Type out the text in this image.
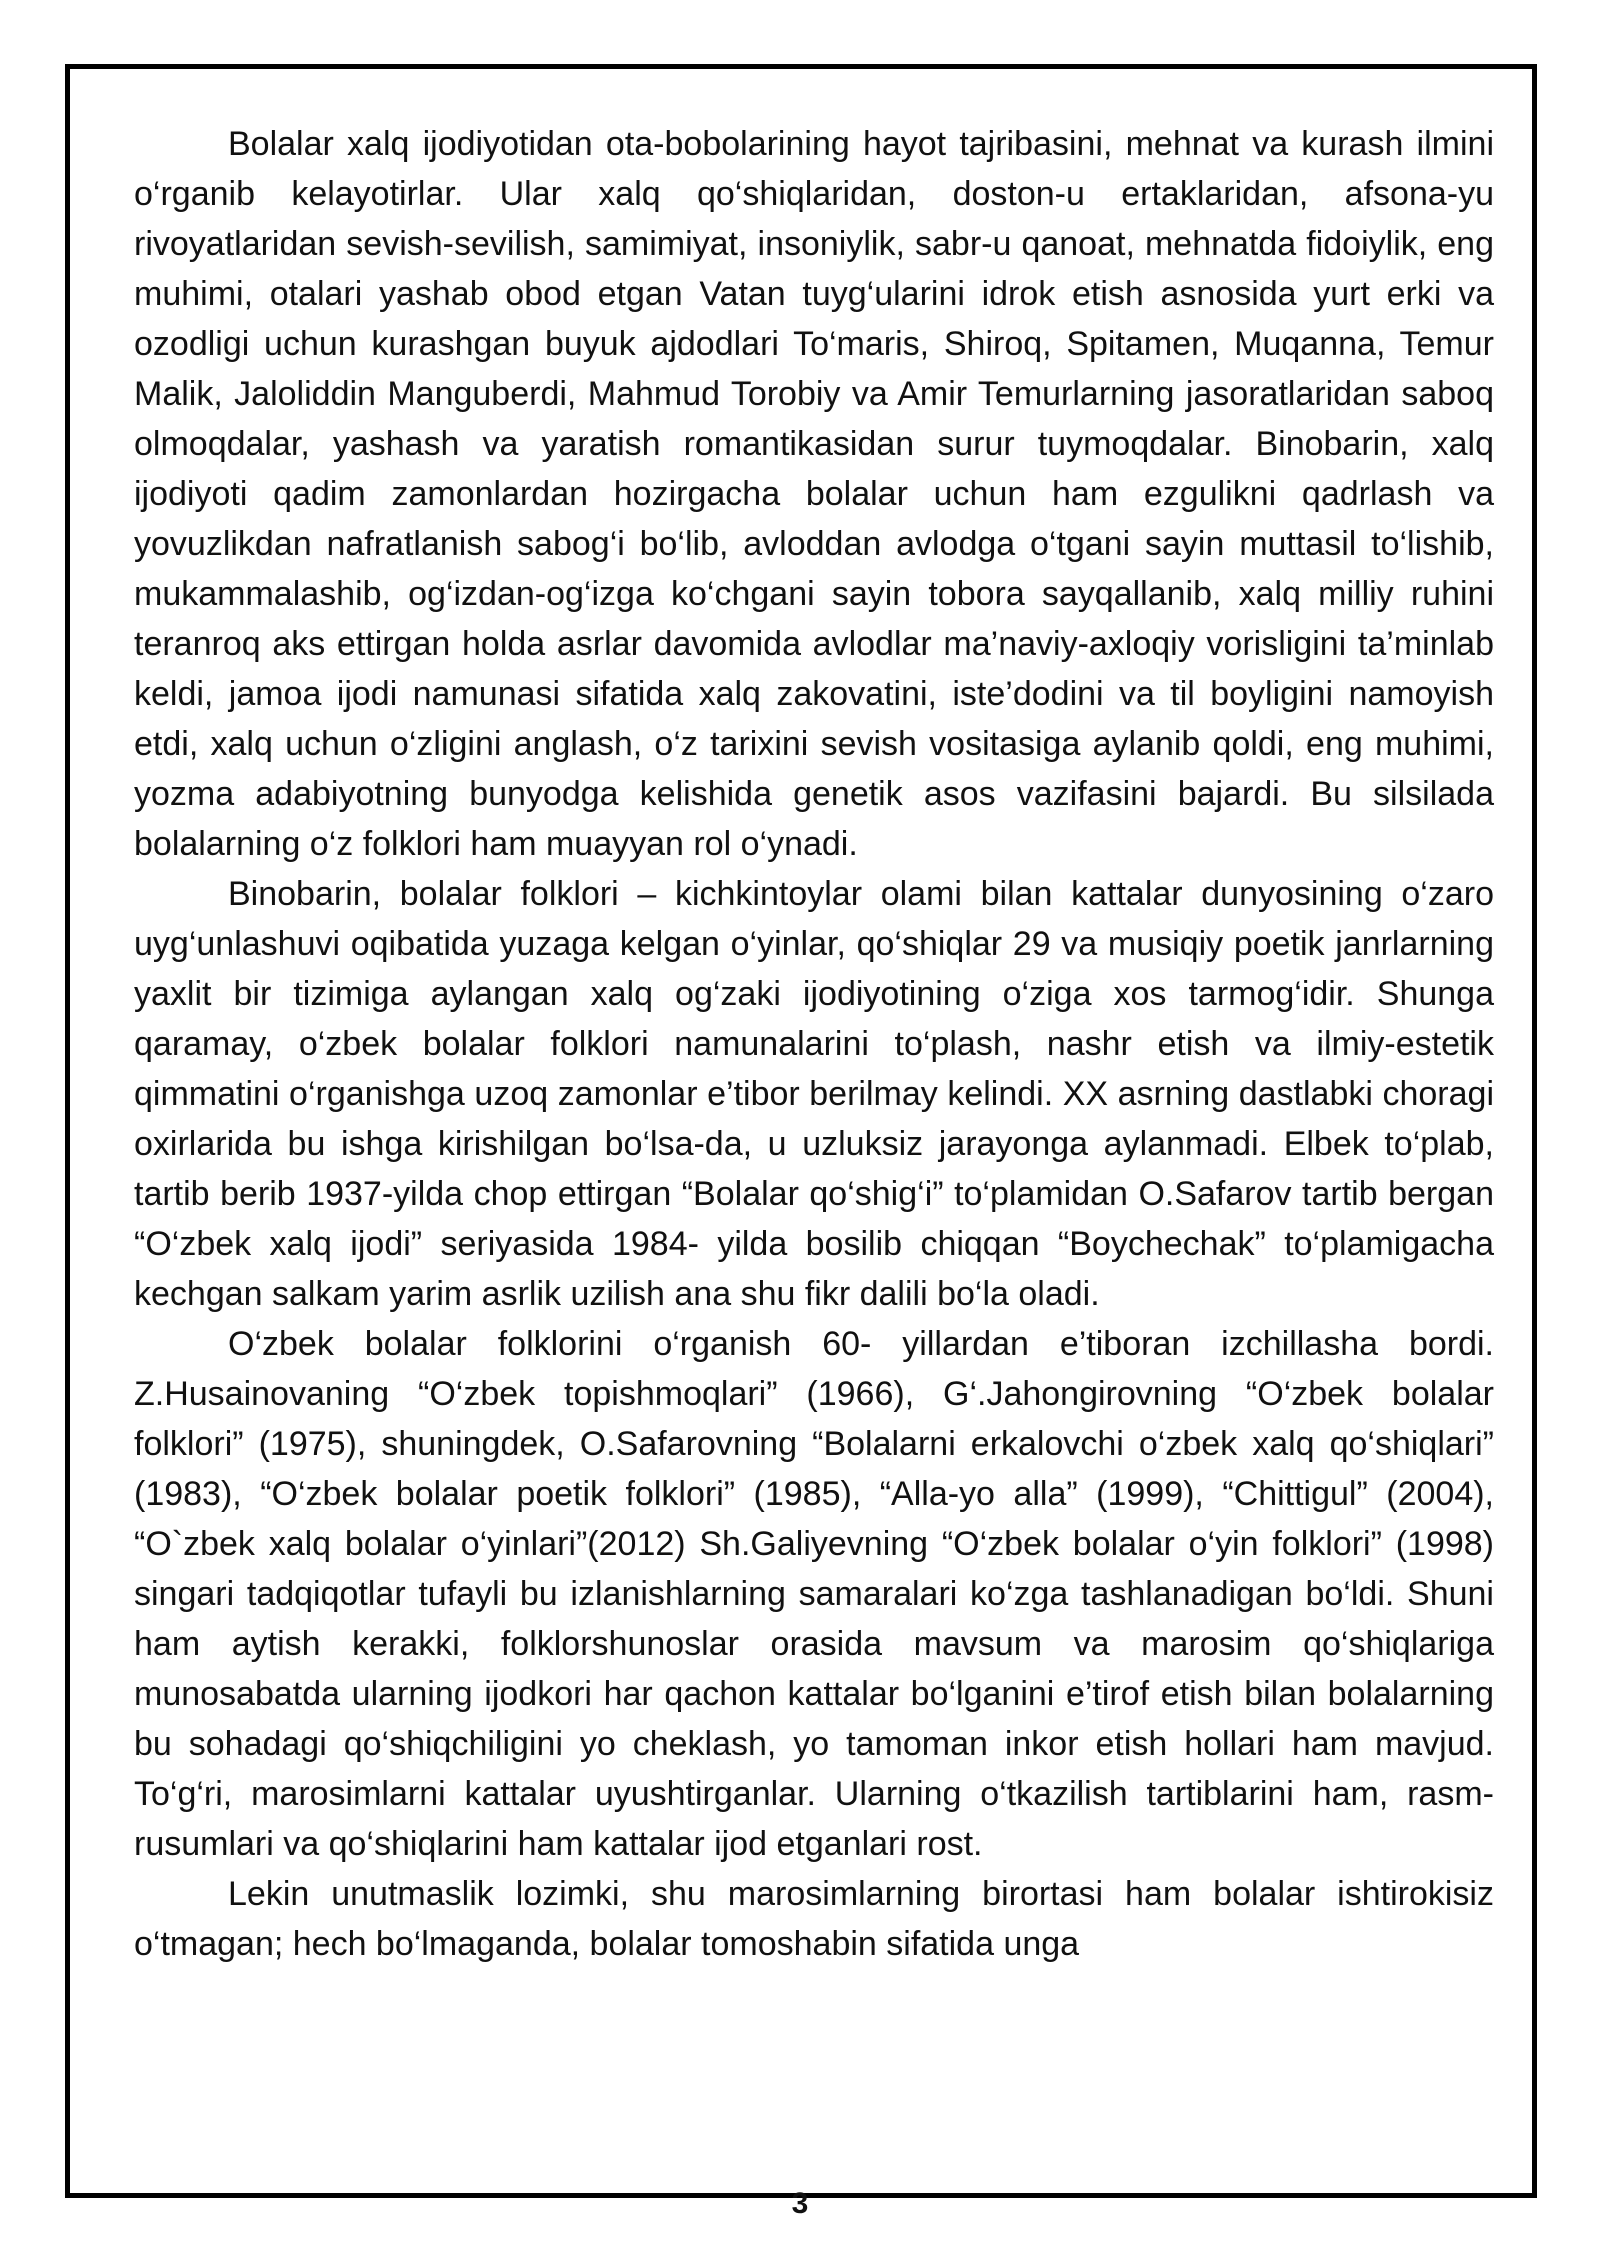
Bolalar xalq ijodiyotidan ota-bobolarining hayot tajribasini, mehnat va kurash ilmini o‘rganib kelayotirlar. Ular xalq qo‘shiqlaridan, doston-u ertaklaridan, afsona-yu rivoyatlaridan sevish-sevilish, samimiyat, insoniylik, sabr-u qanoat, mehnatda fidoiylik, eng muhimi, otalari yashab obod etgan Vatan tuyg‘ularini idrok etish asnosida yurt erki va ozodligi uchun kurashgan buyuk ajdodlari To‘maris, Shiroq, Spitamen, Muqanna, Temur Malik, Jaloliddin Manguberdi, Mahmud Torobiy va Amir Temurlarning jasoratlaridan saboq olmoqdalar, yashash va yaratish romantikasidan surur tuymoqdalar. Binobarin, xalq ijodiyoti qadim zamonlardan hozirgacha bolalar uchun ham ezgulikni qadrlash va yovuzlikdan nafratlanish sabog‘i bo‘lib, avloddan avlodga o‘tgani sayin muttasil to‘lishib, mukammalashib, og‘izdan-og‘izga ko‘chgani sayin tobora sayqallanib, xalq milliy ruhini teranroq aks ettirgan holda asrlar davomida avlodlar ma’naviy-axloqiy vorisligini ta’minlab keldi, jamoa ijodi namunasi sifatida xalq zakovatini, iste’dodini va til boyligini namoyish etdi, xalq uchun o‘zligini anglash, o‘z tarixini sevish vositasiga aylanib qoldi, eng muhimi, yozma adabiyotning bunyodga kelishida genetik asos vazifasini bajardi. Bu silsilada bolalarning o‘z folklori ham muayyan rol o‘ynadi.

Binobarin, bolalar folklori – kichkintoylar olami bilan kattalar dunyosining o‘zaro uyg‘unlashuvi oqibatida yuzaga kelgan o‘yinlar, qo‘shiqlar 29 va musiqiy poetik janrlarning yaxlit bir tizimiga aylangan xalq og‘zaki ijodiyotining o‘ziga xos tarmog‘idir. Shunga qaramay, o‘zbek bolalar folklori namunalarini to‘plash, nashr etish va ilmiy-estetik qimmatini o‘rganishga uzoq zamonlar e’tibor berilmay kelindi. XX asrning dastlabki choragi oxirlarida bu ishga kirishilgan bo‘lsa-da, u uzluksiz jarayonga aylanmadi. Elbek to‘plab, tartib berib 1937-yilda chop ettirgan “Bolalar qo‘shig‘i” to‘plamidan O.Safarov tartib bergan “O‘zbek xalq ijodi” seriyasida 1984- yilda bosilib chiqqan “Boychechak” to‘plamigacha kechgan salkam yarim asrlik uzilish ana shu fikr dalili bo‘la oladi.

O‘zbek bolalar folklorini o‘rganish 60- yillardan e’tiboran izchillasha bordi. Z.Husainovaning “O‘zbek topishmoqlari” (1966), G‘.Jahongirovning “O‘zbek bolalar folklori” (1975), shuningdek, O.Safarovning “Bolalarni erkalovchi o‘zbek xalq qo‘shiqlari” (1983), “O‘zbek bolalar poetik folklori” (1985), “Alla-yo alla” (1999), “Chittigul” (2004), “O`zbek xalq bolalar o‘yinlari”(2012) Sh.Galiyevning “O‘zbek bolalar o‘yin folklori” (1998) singari tadqiqotlar tufayli bu izlanishlarning samaralari ko‘zga tashlanadigan bo‘ldi. Shuni ham aytish kerakki, folklorshunoslar orasida mavsum va marosim qo‘shiqlariga munosabatda ularning ijodkori har qachon kattalar bo‘lganini e’tirof etish bilan bolalarning bu sohadagi qo‘shiqchiligini yo cheklash, yo tamoman inkor etish hollari ham mavjud. To‘g‘ri, marosimlarni kattalar uyushtirganlar. Ularning o‘tkazilish tartiblarini ham, rasm-rusumlari va qo‘shiqlarini ham kattalar ijod etganlari rost.

Lekin unutmaslik lozimki, shu marosimlarning birortasi ham bolalar ishtirokisiz o‘tmagan; hech bo‘lmaganda, bolalar tomoshabin sifatida unga

3
